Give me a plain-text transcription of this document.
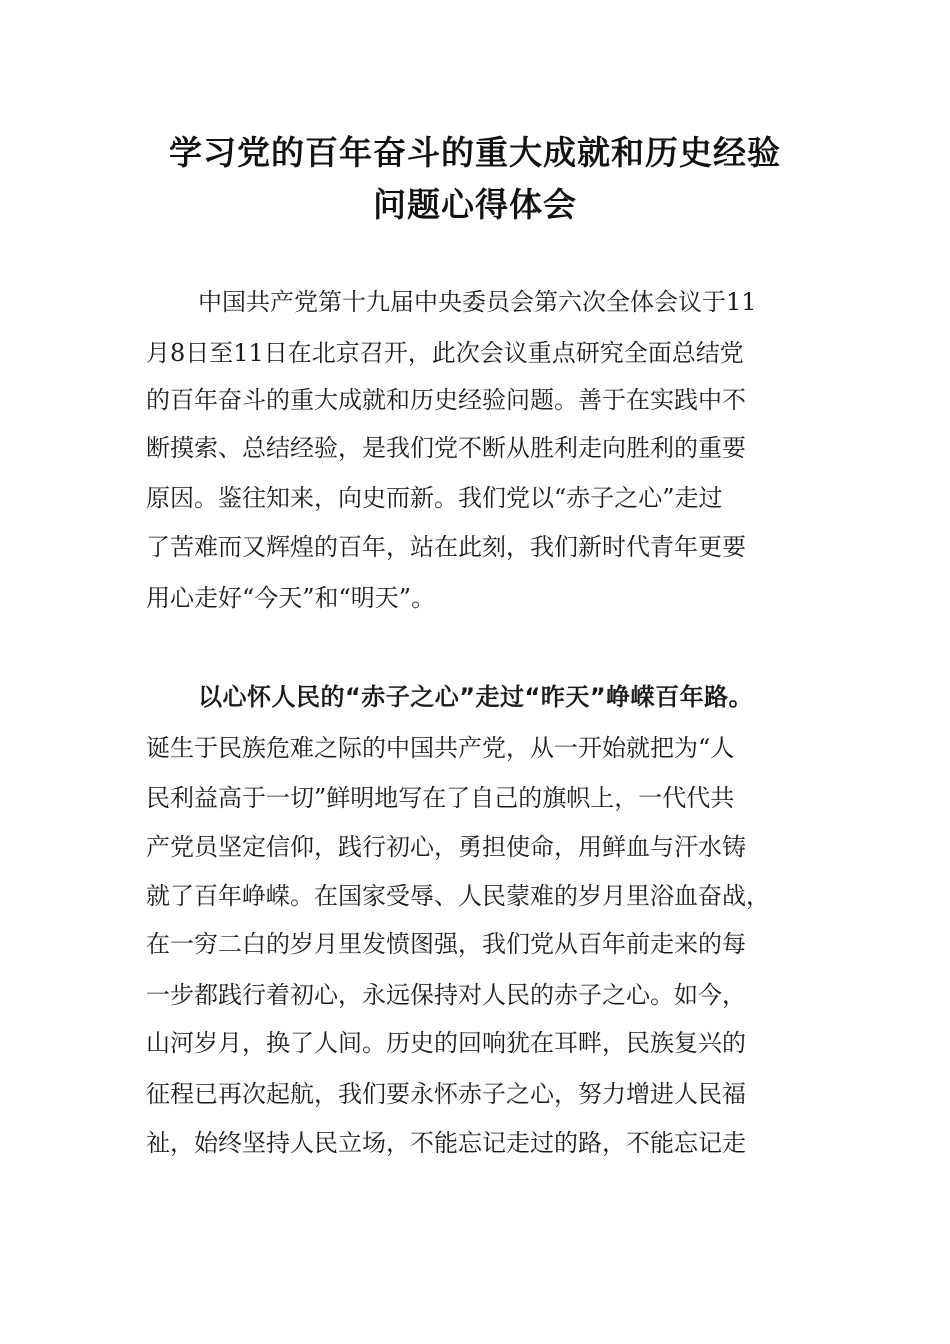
学习党的百年奋斗的重大成就和历史经验
问题心得体会
中国共产党第十九届中央委员会第六次全体会议于11
月8日至11日在北京召开，此次会议重点研究全面总结党
的百年奋斗的重大成就和历史经验问题。善于在实践中不
断摸索、总结经验，是我们党不断从胜利走向胜利的重要
原因。鉴往知来，向史而新。我们党以“赤子之心”走过
了苦难而又辉煌的百年，站在此刻，我们新时代青年更要
用心走好“今天”和“明天”。
以心怀人民的“赤子之心”走过“昨天”峥嵘百年路。
诞生于民族危难之际的中国共产党，从一开始就把为“人
民利益高于一切”鲜明地写在了自己的旗帜上，一代代共
产党员坚定信仰，践行初心，勇担使命，用鲜血与汗水铸
就了百年峥嵘。在国家受辱、人民蒙难的岁月里浴血奋战，
在一穷二白的岁月里发愤图强，我们党从百年前走来的每
一步都践行着初心，永远保持对人民的赤子之心。如今，
山河岁月，换了人间。历史的回响犹在耳畔，民族复兴的
征程已再次起航，我们要永怀赤子之心，努力增进人民福
祉，始终坚持人民立场，不能忘记走过的路，不能忘记走
